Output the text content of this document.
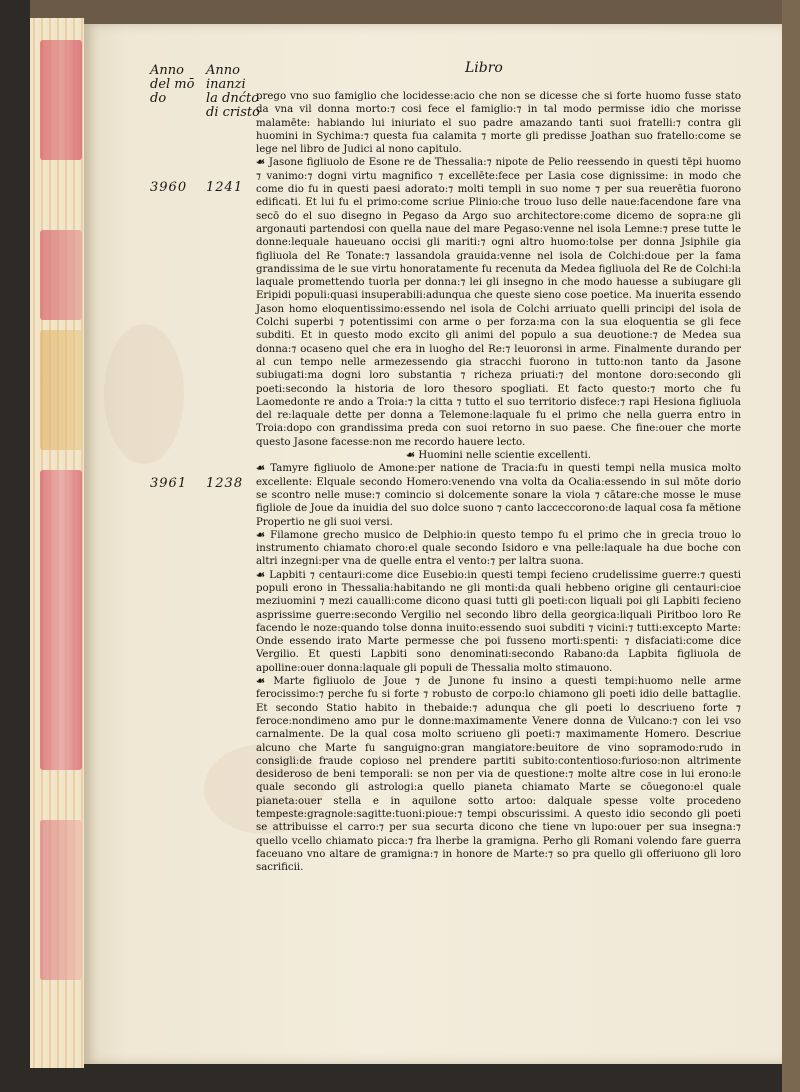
Libro
Anno
del mō
do
Anno
inanzi
la dnćto
di cristo
3960 1241
3961 1238

prego vno suo famiglio che locidesse:acio che non se dicesse che si forte huomo fusse stato da vna vil donna morto:⁊ cosi fece el famiglio:⁊ in tal modo permisse idio che morisse malamēte: habiando lui iniuriato el suo padre amazando tanti suoi fratelli:⁊ contra gli huomini in Sychima:⁊ questa fua calamita ⁊ morte gli predisse Joathan suo fratello:come se lege nel libro de Judici al nono capitulo.

☙ Jasone figliuolo de Esone re de Thessalia:⁊ nipote de Pelio reessendo in questi tēpi huomo ⁊ vanimo:⁊ dogni virtu magnifico ⁊ excellēte:fece per Lasia cose dignissime: in modo che come dio fu in questi paesi adorato:⁊ molti templi in suo nome ⁊ per sua reuerētia fuorono edificati. Et lui fu el primo:come scriue Plinio:che trouo luso delle naue:facendone fare vna secō do el suo disegno in Pegaso da Argo suo architectore:come dicemo de sopra:ne gli argonauti partendosi con quella naue del mare Pegaso:venne nel isola Lemne:⁊ prese tutte le donne:lequale haueuano occisi gli mariti:⁊ ogni altro huomo:tolse per donna Jsiphile gia figliuola del Re Tonate:⁊ lassandola grauida:venne nel isola de Colchi:doue per la fama grandissima de le sue virtu honoratamente fu recenuta da Medea figliuola del Re de Colchi:la laquale promettendo tuorla per donna:⁊ lei gli insegno in che modo hauesse a subiugare gli Eripidi populi:quasi insuperabili:adunqua che queste sieno cose poetice. Ma inuerita essendo Jason homo eloquentissimo:essendo nel isola de Colchi arriuato quelli principi del isola de Colchi superbi ⁊ potentissimi con arme o per forza:ma con la sua eloquentia se gli fece subditi. Et in questo modo excito gli animi del populo a sua deuotione:⁊ de Medea sua donna:⁊ ocaseno quel che era in luogho del Re:⁊ leuoronsi in arme. Finalmente durando per al cun tempo nelle armezessendo gia stracchi fuorono in tutto:non tanto da Jasone subiugati:ma dogni loro substantia ⁊ richeza priuati:⁊ del montone doro:secondo gli poeti:secondo la historia de loro thesoro spogliati. Et facto questo:⁊ morto che fu Laomedonte re ando a Troia:⁊ la citta ⁊ tutto el suo territorio disfece:⁊ rapi Hesiona figliuola del re:laquale dette per donna a Telemone:laquale fu el primo che nella guerra entro in Troia:dopo con grandissima preda con suoi retorno in suo paese. Che fine:ouer che morte questo Jasone facesse:non me recordo hauere lecto.

☙ Huomini nelle scientie excellenti.

☙ Tamyre figliuolo de Amone:per natione de Tracia:fu in questi tempi nella musica molto excellente: Elquale secondo Homero:venendo vna volta da Ocalia:essendo in sul mōte dorio se scontro nelle muse:⁊ comincio si dolcemente sonare la viola ⁊ cātare:che mosse le muse figliole de Joue da inuidia del suo dolce suono ⁊ canto lacceccorono:de laqual cosa fa mētione Propertio ne gli suoi versi.

☙ Filamone grecho musico de Delphio:in questo tempo fu el primo che in grecia trouo lo instrumento chiamato choro:el quale secondo Isidoro e vna pelle:laquale ha due boche con altri inzegni:per vna de quelle entra el vento:⁊ per laltra suona.

☙ Lapbiti ⁊ centauri:come dice Eusebio:in questi tempi fecieno crudelissime guerre:⁊ questi populi erono in Thessalia:habitando ne gli monti:da quali hebbeno origine gli centauri:cioe meziuomini ⁊ mezi caualli:come dicono quasi tutti gli poeti:con liquali poi gli Lapbiti fecieno asprissime guerre:secondo Vergilio nel secondo libro della georgica:liquali Piritboo loro Re facendo le noze:quando tolse donna inuito:essendo suoi subditi ⁊ vicini:⁊ tutti:excepto Marte: Onde essendo irato Marte permesse che poi fusseno morti:spenti: ⁊ disfaciati:come dice Vergilio. Et questi Lapbiti sono denominati:secondo Rabano:da Lapbita figliuola de apolline:ouer donna:laquale gli populi de Thessalia molto stimauono.

☙ Marte figliuolo de Joue ⁊ de Junone fu insino a questi tempi:huomo nelle arme ferocissimo:⁊ perche fu si forte ⁊ robusto de corpo:lo chiamono gli poeti idio delle battaglie. Et secondo Statio habito in thebaide:⁊ adunqua che gli poeti lo descriueno forte ⁊ feroce:nondimeno amo pur le donne:maximamente Venere donna de Vulcano:⁊ con lei vso carnalmente. De la qual cosa molto scriueno gli poeti:⁊ maximamente Homero. Descriue alcuno che Marte fu sanguigno:gran mangiatore:beuitore de vino sopramodo:rudo in consigli:de fraude copioso nel prendere partiti subito:contentioso:furioso:non altrimente desideroso de beni temporali: se non per via de questione:⁊ molte altre cose in lui erono:le quale secondo gli astrologi:a quello pianeta chiamato Marte se cōuegono:el quale pianeta:ouer stella e in aquilone sotto artoo: dalquale spesse volte procedeno tempeste:gragnole:sagitte:tuoni:pioue:⁊ tempi obscurissimi. A questo idio secondo gli poeti se attribuisse el carro:⁊ per sua securta dicono che tiene vn lupo:ouer per sua insegna:⁊ quello vcello chiamato picca:⁊ fra lherbe la gramigna. Perho gli Romani volendo fare guerra faceuano vno altare de gramigna:⁊ in honore de Marte:⁊ so pra quello gli offeriuono gli loro sacrificii.
